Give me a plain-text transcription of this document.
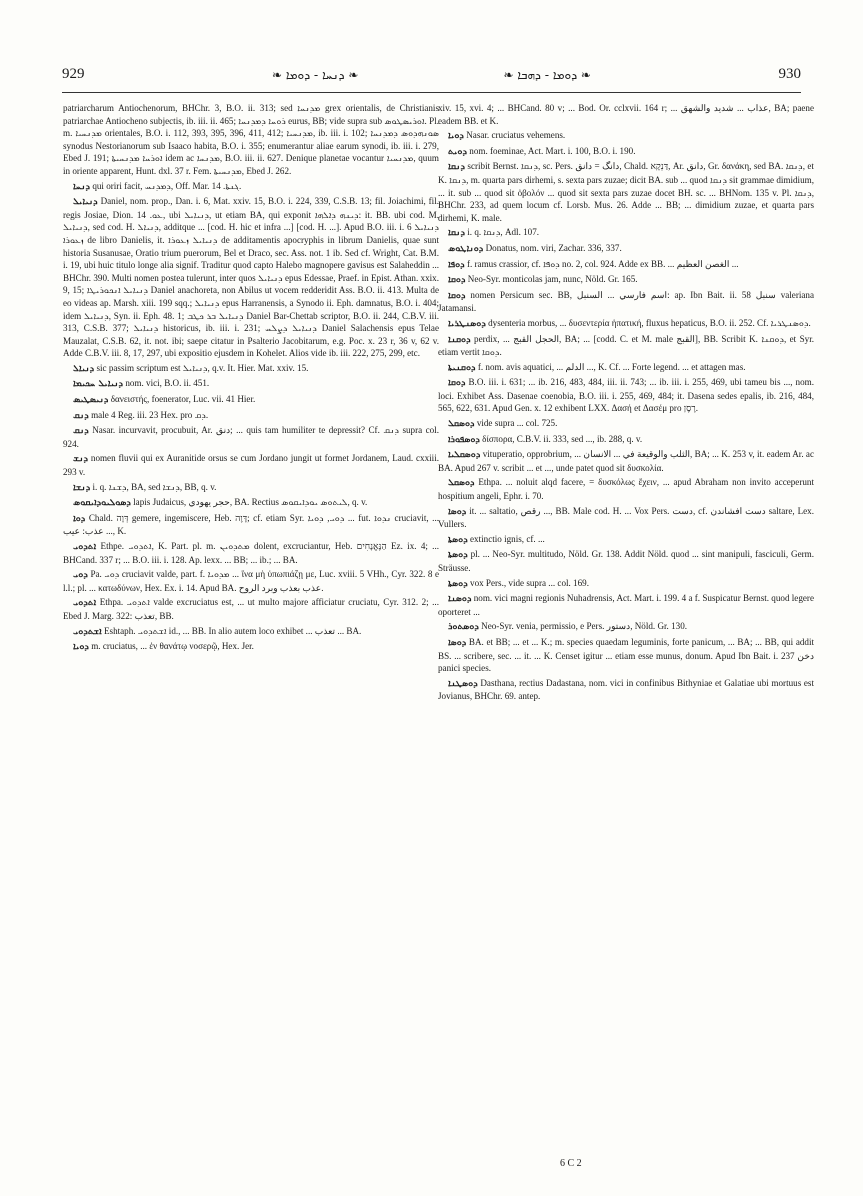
929	❧ ܕܢܚܐ - ܕܘܡܐ ❧	❧ ܕܘܡܐ - ܕܗܒܐ ❧	930

patriarcharum Antiochenorum, BHChr. 3, B.O. ii. 313; sed ܡܕܢܚܐ grex orientalis, de Christianis patriarchae Antiocheno subjectis, ib. iii. ii. 465; ܪܘܚܐ ܕܡܕܢܚܐ eurus, BB; vide supra sub ܐܘܪܝܣܛܘܣ. Pl. m. ܡܕܢܚܝܐ orientales, B.O. i. 112, 393, 395, 396, 411, 412; ܡܕܢܚܝܐ, ib. iii. i. 102; ܣܘܢܗܕܘܣ ܕܡܕܢܚܐ synodus Nestorianorum sub Isaaco habita, B.O. i. 355; enumerantur aliae earum synodi, ib. iii. i. 279, Ebed J. 191; ܐܘܪܚܐ ܡܕܢܚܝܬܐ idem ac ܡܕܢܚܐ, B.O. iii. ii. 627. Denique planetae vocantur ܡܕܢܚܝܐ, quum in oriente apparent, Hunt. dxl. 37 r. Fem. ܡܕܢܚܝܬܐ, Ebed J. 262.

ܕܢܚܐ qui oriri facit, ܕܡܕܢܚ, Off. Mar. ܓܢܬܐ. 14.

ܕܢܝܐܝܠ Daniel, nom. prop., Dan. i. 6, Mat. xxiv. 15, B.O. i. 224, 339, C.S.B. 13; fil. Joiachimi, fil. regis Josiae, Dion. ܥܘ. 14, ubi ܕܢܝܐܝܠ, ut etiam BA, qui exponit ܕܝܢܗ ܕܐܠܗܐ: it. BB. ubi cod. M. ܕܢܝܐܝܠ, sed cod. H. ܕܢܝܐܠ, additque ... [cod. H. hic et infra ...] [cod. H. ...]. Apud B.O. iii. i. 6 ܕܢܝܐܝܠ ܙܥܘܪܐ de libro Danielis, it. ܕܢܝܐܝܠ ܙܥܘܪܐ de additamentis apocryphis in librum Danielis, quae sunt historia Susanusae, Oratio trium puerorum, Bel et Draco, sec. Ass. not. 1 ib. Sed cf. Wright, Cat. B.M. i. 19, ubi huic titulo longe alia signif. Traditur quod capto Halebo magnopere gavisus est Salaheddin ... BHChr. 390. Multi nomen postea tulerunt, inter quos ܕܢܝܐܝܠ epus Edessae, Praef. in Epist. Athan. xxix. 9, 15; ܕܢܝܐܝܠ ܐܢܟܘܪܝܛܐ Daniel anachoreta, non Abilus ut vocem redderidit Ass. B.O. ii. 413. Multa de eo videas ap. Marsh. xiii. 199 sqq.; ܕܢܝܐܝܠ epus Harranensis, a Synodo ii. Eph. damnatus, B.O. i. 404; idem ܕܢܝܐܝܠ, Syn. ii. Eph. 48. 1; ܕܢܝܐܝܠ ܒܪ ܟܛܒ Daniel Bar-Chettab scriptor, B.O. ii. 244, C.B.V. iii. 313, C.S.B. 377; ܕܢܝܐܝܠ historicus, ib. iii. i. 231; ܕܢܝܐܝܠ ܕܨܠܚ Daniel Salachensis epus Telae Mauzalat, C.S.B. 62, it. not. ibi; saepe citatur in Psalterio Jacobitarum, e.g. Poc. x. 23 r, 36 v, 62 v. Adde C.B.V. iii. 8, 17, 297, ubi expositio ejusdem in Kohelet. Alios vide ib. iii. 222, 275, 299, etc.

ܕܢܝܐܠ sic passim scriptum est ܕܢܝܐܝܠ, q.v. It. Hier. Mat. xxiv. 15.

ܕܢܝܐܝܠ ܚܟܝܡܐ nom. vici, B.O. ii. 451.

ܕܢܝܣܛܝܣ δανειστής, foenerator, Luc. vii. 41 Hier.

ܕܢܩ male 4 Reg. iii. 23 Hex. pro ܕܩ.

ܕܢܩ Nasar. incurvavit, procubuit, Ar. دنق; ... quis tam humiliter te depressit? Cf. ܕܢܩ supra col. 924.

ܕܢܫ nomen fluvii qui ex Auranitide orsus se cum Jordano jungit ut formet Jordanem, Laud. cxxiii. 293 v.

ܕܢܫܐ i. q. ܕܫܢܐ, BA, sed ܕܢܫܐ, BB, q. v.

ܕܣܘܠܝܘܕܐܝܩܘܣ lapis Judaicus, حجر يهودي, BA. Rectius ܠܝܬܘܣ ܝܘܕܐܝܩܘܣ, q. v.

ܕܘܐ Chald. דְּוָה gemere, ingemiscere, Heb. דָּוֶה; cf. etiam Syr. ܕܘܝ, ܕܘܝܐ ... fut. ܢܕܘܐ cruciavit, ... عذب: عيب ..., K.

ܐܬܕܘܝ Ethpe. ܐܬܕܘܝ, K. Part. pl. m. ܡܬܕܘܝܢ dolent, excruciantur, Heb. הַנֶּאֱנָחִים Ez. ix. 4; ... BHCand. 337 r; ... B.O. iii. i. 128. Ap. lexx. ... BB; ... ib.; ... BA.

ܕܘܝ Pa. ܕܘܝ cruciavit valde, part. f. ܡܕܘܝܐ ... ἵνα μὴ ὑπωπιάζῃ με, Luc. xviii. 5 VHh., Cyr. 322. 8 e l.l.; pl. ... κατωδύνων, Hex. Ex. i. 14. Apud BA. عذب بعذب وبرد الروح.

ܐܬܕܘܝ Ethpa. ܐܬܕܘܝ valde excruciatus est, ... ut multo majore afficiatur cruciatu, Cyr. 312. 2; ... Ebed J. Marg. 322: تعذب, BB.

ܐܫܬܕܘܝ Eshtaph. ܐܫܬܕܘܝ id., ... BB. In alio autem loco exhibet ... تعذب ... BA.

ܕܘܝܐ m. cruciatus, ... ἐν θανάτῳ νοσερῷ, Hex. Jer.

xiv. 15, xvi. 4; ... BHCand. 80 v; ... Bod. Or. cclxvii. 164 r; ... عذاب ... شديد والشهق, BA; paene eadem BB. et K.

ܕܘܝܐ Nasar. cruciatus vehemens.

ܕܘܝܬ nom. foeminae, Act. Mart. i. 100, B.O. i. 190.

ܕܢܩܐ scribit Bernst. ܕܢܩܐ, sc. Pers. دانگ = دانق, Chald. דַּנְקָא, Ar. دانق, Gr. δανάκη, sed BA. ܕܢܩܐ, et K. ܕܢܩܐ, m. quarta pars dirhemi, s. sexta pars zuzae; dicit BA. sub ... quod ܕܢܩܐ sit grammae dimidium, ... it. sub ... quod sit ὀβολόν ... quod sit sexta pars zuzae docet BH. sc. ... BHNom. 135 v. Pl. ܕܢܩܐ, BHChr. 233, ad quem locum cf. Lorsb. Mus. 26. Adde ... BB; ... dimidium zuzae, et quarta pars dirhemi, K. male.

ܕܢܩܐ i. q. ܕܢܩܐ, Adl. 107.

ܕܘܢܐܛܘܣ Donatus, nom. viri, Zachar. 336, 337.

ܕܘܦܐ f. ramus crassior, cf. ܕܘܦܐ no. 2, col. 924. Adde ex BB. ... الغصن العظيم ...

ܕܘܩܐ Neo-Syr. monticolas jam, nunc, Nöld. Gr. 165.

ܕܘܩܐ nomen Persicum sec. BB, اسم فارسي ... السنبل: ap. Ibn Bait. ii. 58 سنبل valeriana Jatamansi.

ܕܘܣܢܛܪܝܐ dysenteria morbus, ... δυσεντερία ἡπατική, fluxus hepaticus, B.O. ii. 252. Cf. ܕܘܣܢܛܪܝܐ.

ܕܘܩܢܐ perdix, ... الحجل القبج, BA; ... [codd. C. et M. male القبج], BB. Scribit K. ܕܘܩܢܐ, et Syr. etiam vertit ܕܘܩܐ.

ܕܘܩܢܝܬܐ f. nom. avis aquatici, ... الدلم ..., K. Cf. ... Forte legend. ... et attagen mas.

ܕܘܩܐ B.O. iii. i. 631; ... ib. 216, 483, 484, iii. ii. 743; ... ib. iii. i. 255, 469, ubi tameu bis ..., nom. loci. Exhibet Ass. Dasenae coenobia, B.O. iii. i. 255, 469, 484; it. Dasena sedes epalis, ib. 216, 484, 565, 622, 631. Apud Gen. x. 12 exhibent LXX. Δασή et Δασέμ pro רֶסֶן.

ܕܘܣܩܠ vide supra ... col. 725.

ܕܘܣܦܘܪܐ δίσπορα, C.B.V. ii. 333, sed ..., ib. 288, q. v.

ܕܘܣܩܠܝܐ vituperatio, opprobrium, ... الثلب والوقيعة في ... الانسان, BA; ... K. 253 v, it. eadem Ar. ac BA. Apud 267 v. scribit ... et ..., unde patet quod sit δυσκολία.

ܕܘܣܩܠ Ethpa. ... noluit alqd facere, = δυσκόλως ἔχειν, ... apud Abraham non invito acceperunt hospitium angeli, Ephr. i. 70.

ܕܘܣܐ it. ... saltatio, رقص ..., BB. Male cod. H. ... Vox Pers. دست, cf. دست افشاندن saltare, Lex. Vullers.

ܕܘܣܬܐ extinctio ignis, cf. ...

ܕܘܣܬܐ pl. ... Neo-Syr. multitudo, Nöld. Gr. 138. Addit Nöld. quod ... sint manipuli, fasciculi, Germ. Sträusse.

ܕܘܣܬܐ vox Pers., vide supra ... col. 169.

ܕܘܣܢܐ nom. vici magni regionis Nuhadrensis, Act. Mart. i. 199. 4 a f. Suspicatur Bernst. quod legere oporteret ...

ܕܘܣܬܘܪ Neo-Syr. venia, permissio, e Pers. دستور, Nöld. Gr. 130.

ܕܘܣܐ BA. et BB; ... et ... K.; m. species quaedam leguminis, forte panicum, ... BA; ... BB, qui addit BS. ... scribere, sec. ... it. ... K. Censet igitur ... etiam esse munus, donum. Apud Ibn Bait. i. 237 دخن panici species.

ܕܘܣܛܢܐ Dasthana, rectius Dadastana, nom. vici in confinibus Bithyniae et Galatiae ubi mortuus est Jovianus, BHChr. 69. antep.

6 C 2
